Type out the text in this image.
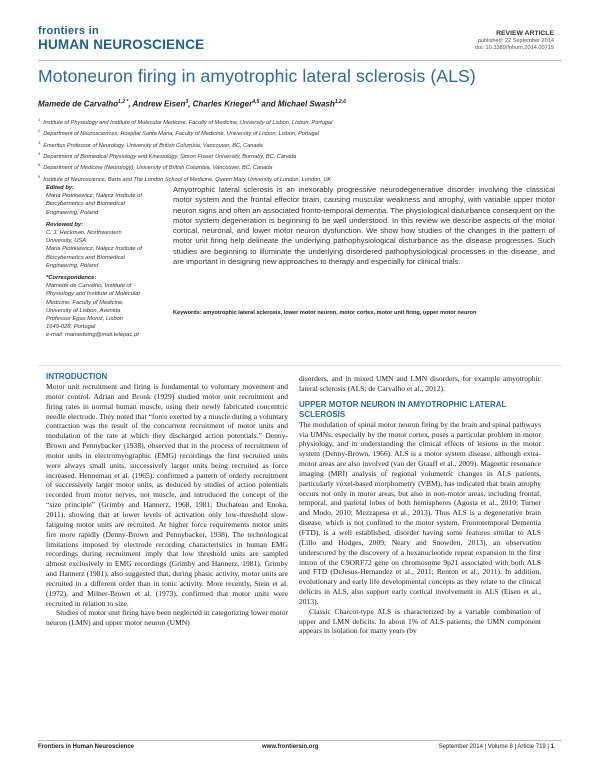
frontiers in
HUMAN NEUROSCIENCE
REVIEW ARTICLE
published: 22 September 2014
doi: 10.3389/fnhum.2014.00719
Motoneuron firing in amyotrophic lateral sclerosis (ALS)
Mamede de Carvalho$^{1,2 *}$, Andrew Eisen$^3$, Charles Krieger$^{4,5}$ and Michael Swash$^{1,2,6}$
$^1$Institute of Physiology and Institute of Molecular Medicine, Faculty of Medicine, University of Lisbon, Lisbon, Portugal
$^2$Department of Neurosciences, Hospital Santa Maria, Faculty of Medicine, University of Lisbon, Lisbon, Portugal
$^3$Emeritus Professor of Neurology, University of British Columbia, Vancouver, BC, Canada
$^4$Department of Biomedical Physiology and Kinesiology, Simon Fraser University, Burnaby, BC, Canada
$^5$Department of Medicine (Neurology), University of British Columbia, Vancouver, BC, Canada
$^6$Institute of Neuroscience, Barts and The London School of Medicine, Queen Mary University of London, London, UK
Edited by:
Maria Piotrkiewicz, Nałęcz Institute of
Biocybernetics and Biomedical
Engineering, Poland
Reviewed by:
C. J. Heckman, Northwestern
University, USA
Maria Piotrkiewicz, Nałęcz Institute of
Biocybernetics and Biomedical
Engineering, Poland
*Correspondence:
Mamede de Carvalho, Institute of
Physiology and Institute of Molecular
Medicine, Faculty of Medicine,
University of Lisbon, Avenida
Professor Egas Moniz, Lisbon
1649-028, Portugal
e-mail: mamedemg@mail.telepac.pt
Amyotrophic lateral sclerosis is an inexorably progressive neurodegenerative disorder involving the classical motor system and the frontal effector brain, causing muscular weakness and atrophy, with variable upper motor neuron signs and often an associated fronto-temporal dementia. The physiological disturbance consequent on the motor system degeneration is beginning to be well understood. In this review we describe aspects of the motor cortical, neuronal, and lower motor neuron dysfunction. We show how studies of the changes in the pattern of motor unit firing help delineate the underlying pathophysiological disturbance as the disease progresses. Such studies are beginning to illuminate the underlying disordered pathophysiological processes in the disease, and are important in designing new approaches to therapy and especially for clinical trials.
Keywords: amyotrophic lateral sclerosis, lower motor neuron, motor cortex, motor unit firing, upper motor neuron
INTRODUCTION

Motor unit recruitment and firing is fundamental to voluntary movement and motor control. Adrian and Bronk (1929) studied motor unit recruitment and firing rates in normal human muscle, using their newly fabricated concentric needle electrode. They noted that “force exerted by a muscle during a voluntary contraction was the result of the concurrent recruitment of motor units and modulation of the rate at which they discharged action potentials.” Denny-Brown and Pennybacker (1938), observed that in the process of recruitment of motor units in electromyographic (EMG) recordings the first recruited units were always small units, successively larger units being recruited as force increased. Henneman et al. (1965), confirmed a pattern of orderly recruitment of successively larger motor units, as deduced by studies of action potentials recorded from motor nerves, not muscle, and introduced the concept of the “size principle” (Grimby and Hannerz, 1968, 1981; Duchateau and Enoka, 2011), showing that at lower levels of activation only low-threshold slow-fatiguing motor units are recruited. At higher force requirements motor units fire more rapidly (Denny-Brown and Pennybacker, 1938). The technological limitations imposed by electrode recording characteristics in human EMG recordings during recruitment imply that low threshold units are sampled almost exclusively in EMG recordings (Grimby and Hannerz, 1981). Grimby and Hannerz (1981), also suggested that, during phasic activity, motor units are recruited in a different order than in tonic activity. More recently, Stein et al. (1972), and Milner-Brown et al. (1973), confirmed that motor units were recruited in relation to size.

Studies of motor unit firing have been neglected in categorizing lower motor neuron (LMN) and upper motor neuron (UMN)

disorders, and in mixed UMN and LMN disorders, for example amyotrophic lateral sclerosis (ALS; de Carvalho et al., 2012).

UPPER MOTOR NEURON IN AMYOTROPHIC LATERAL SCLEROSIS

The modulation of spinal motor neuron firing by the brain and spinal pathways via UMNs, especially by the motor cortex, poses a particular problem in motor physiology, and in understanding the clinical effects of lesions in the motor system (Denny-Brown, 1966). ALS is a motor system disease, although extra-motor areas are also involved (van der Graaff et al., 2009). Magnetic resonance imaging (MRI) analysis of regional volumetric changes in ALS patients, particularly voxel-based morphometry (VBM), has indicated that brain atrophy occurs not only in motor areas, but also in non-motor areas, including frontal, temporal, and parietal lobes of both hemispheres (Agosta et al., 2010; Turner and Modo, 2010; Mezzapesa et al., 2013). Thus ALS is a degenerative brain disease, which is not confined to the motor system. Frontotemporal Dementia (FTD), is a well established, disorder having some features similar to ALS (Lillo and Hodges, 2009; Neary and Snowden, 2013), an observation underscored by the discovery of a hexanucleotide repeat expansion in the first intron of the C9ORF72 gene on chromosome 9p21 associated with both ALS and FTD (DeJesus-Hernandez et al., 2011; Renton et al., 2011). In addition, evolutionary and early life developmental concepts as they relate to the clinical deficits in ALS, also support early cortical involvement in ALS (Eisen et al., 2013).

Classic Charcot-type ALS is characterized by a variable combination of upper and LMN deficits. In about 1% of ALS patients, the UMN component appears in isolation for many years (by

Frontiers in Human Neuroscience	www.frontiersin.org	September 2014 | Volume 8 | Article 719 | 1
